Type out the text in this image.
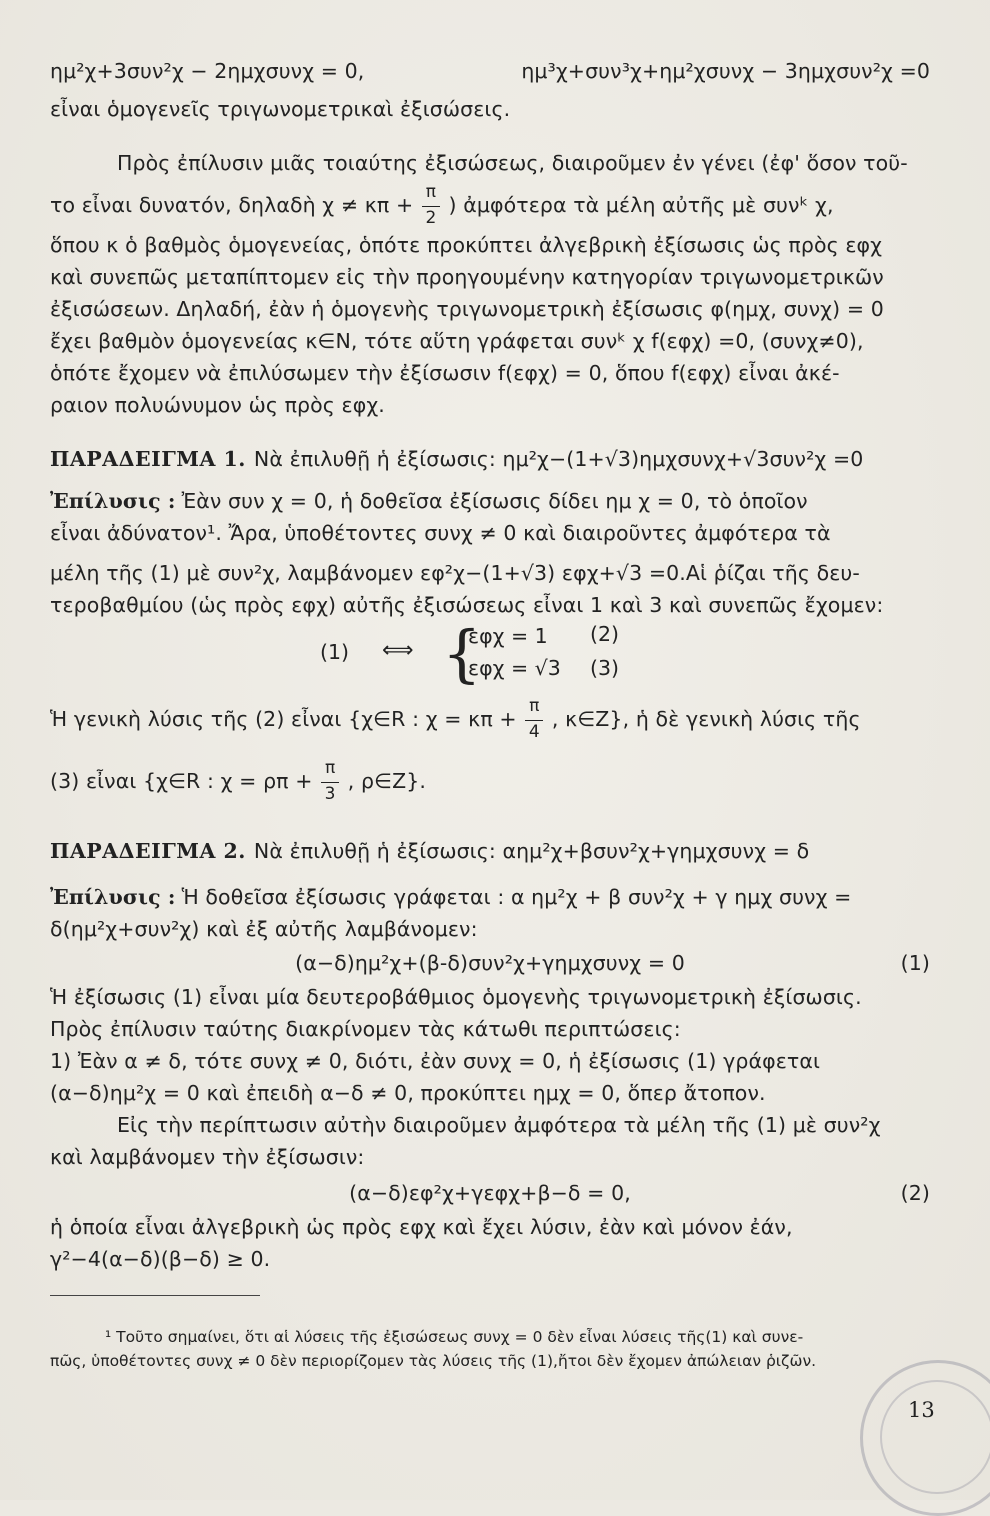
ημ²χ+3συν²χ − 2ημχσυνχ = 0,	ημ³χ+συν³χ+ημ²χσυνχ − 3ημχσυν²χ =0
εἶναι ὁμογενεῖς τριγωνομετρικαὶ ἐξισώσεις.
Πρὸς ἐπίλυσιν μιᾶς τοιαύτης ἐξισώσεως, διαιροῦμεν ἐν γένει (ἐφ' ὅσον τοῦ-
το εἶναι δυνατόν, δηλαδὴ $\chi \ne \kappa\pi + \frac{\pi}{2}$ ) ἀμφότερα τὰ μέλη αὐτῆς μὲ συνᵏ χ,
ὅπου κ ὁ βαθμὸς ὁμογενείας, ὁπότε προκύπτει ἀλγεβρικὴ ἐξίσωσις ὡς πρὸς εφχ
καὶ συνεπῶς μεταπίπτομεν εἰς τὴν προηγουμένην κατηγορίαν τριγωνομετρικῶν
ἐξισώσεων. Δηλαδή, ἐὰν ἡ ὁμογενὴς τριγωνομετρικὴ ἐξίσωσις φ(ημχ, συνχ) = 0
ἔχει βαθμὸν ὁμογενείας κ∈N, τότε αὕτη γράφεται συνᵏ χ f(εφχ) =0, (συνχ≠0),
ὁπότε ἔχομεν νὰ ἐπιλύσωμεν τὴν ἐξίσωσιν f(εφχ) = 0, ὅπου f(εφχ) εἶναι ἀκέ-
ραιον πολυώνυμον ὡς πρὸς εφχ.
ΠΑΡΑΔΕΙΓΜΑ 1. Νὰ ἐπιλυθῇ ἡ ἐξίσωσις: ημ²χ−(1+√3)ημχσυνχ+√3συν²χ =0
Ἐπίλυσις : Ἐὰν συν χ = 0, ἡ δοθεῖσα ἐξίσωσις δίδει ημ χ = 0, τὸ ὁποῖον
εἶναι ἀδύνατον¹. Ἄρα, ὑποθέτοντες συνχ ≠ 0 καὶ διαιροῦντες ἀμφότερα τὰ
μέλη τῆς (1) μὲ συν²χ, λαμβάνομεν εφ²χ−(1+√3) εφχ+√3 =0.Αἱ ῥίζαι τῆς δευ-
τεροβαθμίου (ὡς πρὸς εφχ) αὐτῆς ἐξισώσεως εἶναι 1 καὶ 3 καὶ συνεπῶς ἔχομεν:
(1) ⟺ {
εφχ = 1 (2)
εφχ = √3 (3)
Ἡ γενικὴ λύσις τῆς (2) εἶναι {χ∈R : $\chi = \kappa\pi + \frac{\pi}{4}$ , κ∈Z}, ἡ δὲ γενικὴ λύσις τῆς
(3) εἶναι {χ∈R : $\chi = \rho\pi + \frac{\pi}{3}$ , ρ∈Z}.
ΠΑΡΑΔΕΙΓΜΑ 2. Νὰ ἐπιλυθῇ ἡ ἐξίσωσις: αημ²χ+βσυν²χ+γημχσυνχ = δ
Ἐπίλυσις : Ἡ δοθεῖσα ἐξίσωσις γράφεται : α ημ²χ + β συν²χ + γ ημχ συνχ =
δ(ημ²χ+συν²χ) καὶ ἐξ αὐτῆς λαμβάνομεν:
(α−δ)ημ²χ+(β-δ)συν²χ+γημχσυνχ = 0	(1)
Ἡ ἐξίσωσις (1) εἶναι μία δευτεροβάθμιος ὁμογενὴς τριγωνομετρικὴ ἐξίσωσις.
Πρὸς ἐπίλυσιν ταύτης διακρίνομεν τὰς κάτωθι περιπτώσεις:
1) Ἐὰν α ≠ δ, τότε συνχ ≠ 0, διότι, ἐὰν συνχ = 0, ἡ ἐξίσωσις (1) γράφεται
(α−δ)ημ²χ = 0 καὶ ἐπειδὴ α−δ ≠ 0, προκύπτει ημχ = 0, ὅπερ ἄτοπον.
Εἰς τὴν περίπτωσιν αὐτὴν διαιροῦμεν ἀμφότερα τὰ μέλη τῆς (1) μὲ συν²χ
καὶ λαμβάνομεν τὴν ἐξίσωσιν:
(α−δ)εφ²χ+γεφχ+β−δ = 0,	(2)
ἡ ὁποία εἶναι ἀλγεβρικὴ ὡς πρὸς εφχ καὶ ἔχει λύσιν, ἐὰν καὶ μόνον ἐάν,
γ²−4(α−δ)(β−δ) ≥ 0.
¹ Τοῦτο σημαίνει, ὅτι αἱ λύσεις τῆς ἐξισώσεως συνχ = 0 δὲν εἶναι λύσεις τῆς(1) καὶ συνε-
πῶς, ὑποθέτοντες συνχ ≠ 0 δὲν περιορίζομεν τὰς λύσεις τῆς (1),ἤτοι δὲν ἔχομεν ἀπώλειαν ῥιζῶν.
13
